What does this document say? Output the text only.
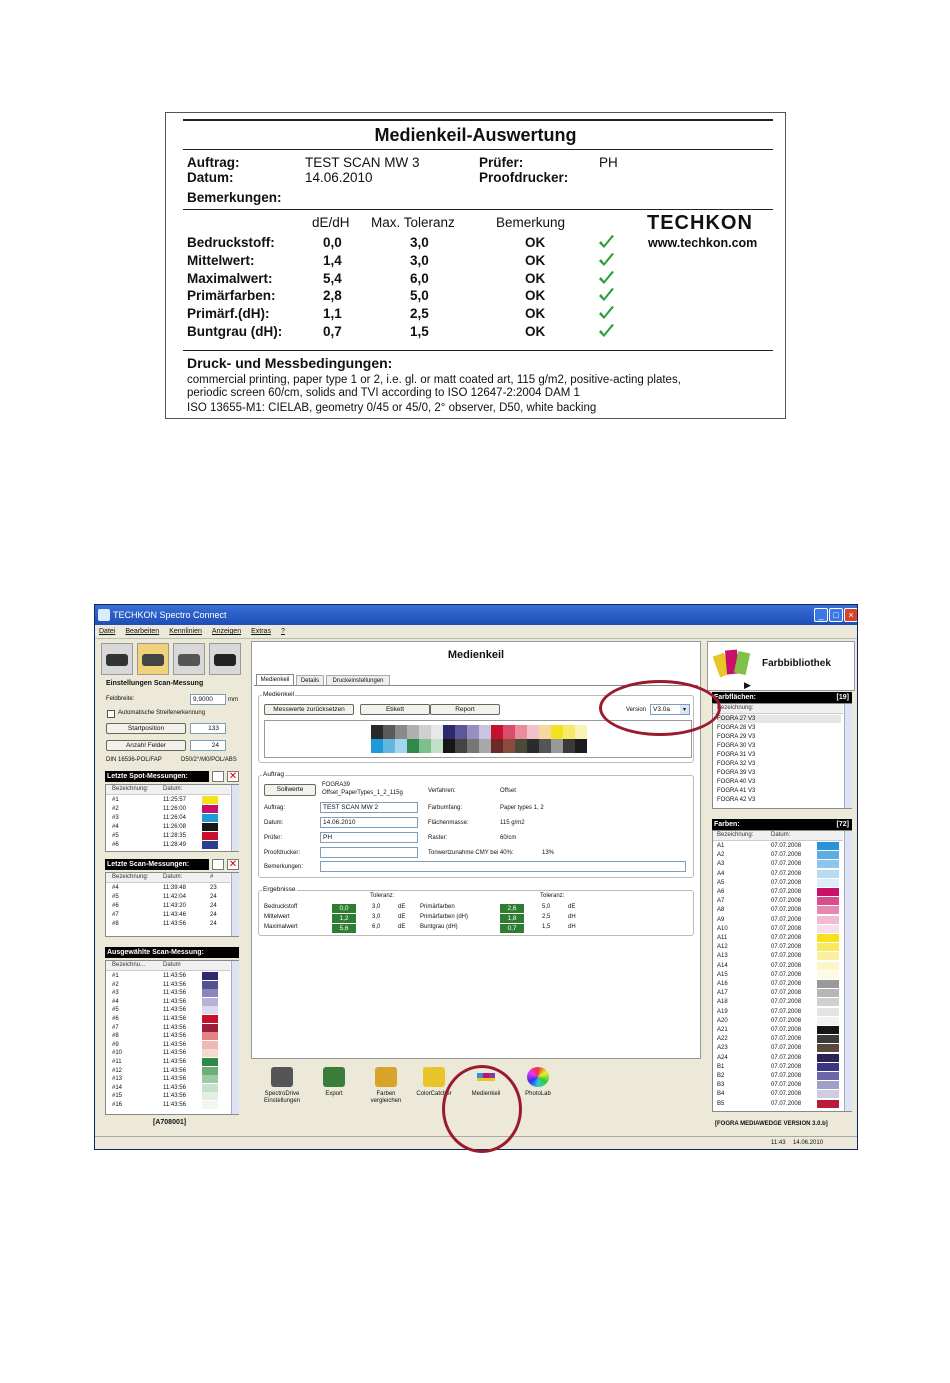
Medienkeil-Auswertung
Auftrag:	TEST SCAN MW 3
Datum:	14.06.2010
Prüfer:	PH
Proofdrucker:
Bemerkungen:
dE/dH Max. Toleranz	Bemerkung	TECHKON
www.techkon.com
Bedruckstoff:	0,0	3,0	OK
Mittelwert:	1,4	3,0	OK
Maximalwert:	5,4	6,0	OK
Primärfarben:	2,8	5,0	OK
Primärf.(dH):	1,1	2,5	OK
Buntgrau (dH):	0,7	1,5	OK
Druck- und Messbedingungen:
commercial printing, paper type 1 or 2, i.e. gl. or matt coated art, 115 g/m2, positive-acting plates,
periodic screen 60/cm, solids and TVI according to ISO 12647-2:2004 DAM 1
ISO 13655-M1: CIELAB, geometry 0/45 or 45/0, 2° observer, D50, white backing
TECHKON Spectro Connect	_	□	×
Datei Bearbeiten Kennlinien Anzeigen Extras ?
Einstellungen Scan-Messung
Feldbreite:	9,9000	mm
Automatische Streifenerkennung
Startposition	133
Anzahl Felder	24
DIN 16536-POL/FAP	D50/2°/M0/POL/ABS
Letzte Spot-Messungen:	✕
Bezeichnung: Datum:
#1	11:25:57
#2	11:26:00
#3	11:26:04
#4	11:26:08
#5	11:28:35
#6	11:28:49
Letzte Scan-Messungen:	✕
Bezeichnung: Datum:	#
#4	11:39:48	23
#5	11:42:04	24
#6	11:43:20	24
#7	11:43:46	24
#8	11:43:56	24
Ausgewählte Scan-Messung:
Bezeichnu...	Datum
#1	11:43:56
#2	11:43:56
#3	11:43:56
#4	11:43:56
#5	11:43:56
#6	11:43:56
#7	11:43:56
#8	11:43:56
#9	11:43:56
#10	11:43:56
#11	11:43:56
#12	11:43:56
#13	11:43:56
#14	11:43:56
#15	11:43:56
#16	11:43:56
[A708001]
Medienkeil
Medienkeil	Details	Druckeinstellungen
Medienkeil
Messwerte zurücksetzen	Etikett	Report	Version	V3.0a	▾
Auftrag
Sollwerte
FOGRA39
Offset_PaperTypes_1_2_115g
Auftrag:	TEST SCAN MW 2
Datum:	14.06.2010
Prüfer:	PH
Proofdrucker:
Bemerkungen:
Verfahren:	Offset
Farbumfang:	Paper types 1, 2
Flächenmasse:	115 g/m2
Raster:	60/cm
Tonwertzunahme CMY bei 40%:	13%
Ergebnisse
Toleranz:	Toleranz:
Bedruckstoff	0,0	3,0	dE
Mittelwert	1,2	3,0	dE
Maximalwert	5,6	6,0	dE
Primärfarben	2,6	5,0	dE
Primärfarben (dH)	1,8	2,5	dH
Buntgrau (dH)	0,7	1,5	dH
SpectroDrive Einstellungen
Export	Farben vergleichen
ColorCatcher	Medienkeil	PhotoLab
Farbbibliothek
▶
Farbflächen:	[19]
Bezeichnung:
FOGRA 27 V3
FOGRA 28 V3
FOGRA 29 V3
FOGRA 30 V3
FOGRA 31 V3
FOGRA 32 V3
FOGRA 39 V3
FOGRA 40 V3
FOGRA 41 V3
FOGRA 42 V3
Farben:	[72]
Bezeichnung:	Datum:
A1	07.07.2008
A2	07.07.2008
A3	07.07.2008
A4	07.07.2008
A5	07.07.2008
A6	07.07.2008
A7	07.07.2008
A8	07.07.2008
A9	07.07.2008
A10	07.07.2008
A11	07.07.2008
A12	07.07.2008
A13	07.07.2008
A14	07.07.2008
A15	07.07.2008
A16	07.07.2008
A17	07.07.2008
A18	07.07.2008
A19	07.07.2008
A20	07.07.2008
A21	07.07.2008
A22	07.07.2008
A23	07.07.2008
A24	07.07.2008
B1	07.07.2008
B2	07.07.2008
B3	07.07.2008
B4	07.07.2008
B5	07.07.2008
[FOGRA MEDIAWEDGE VERSION 3.0.b]
11:43 14.06.2010
